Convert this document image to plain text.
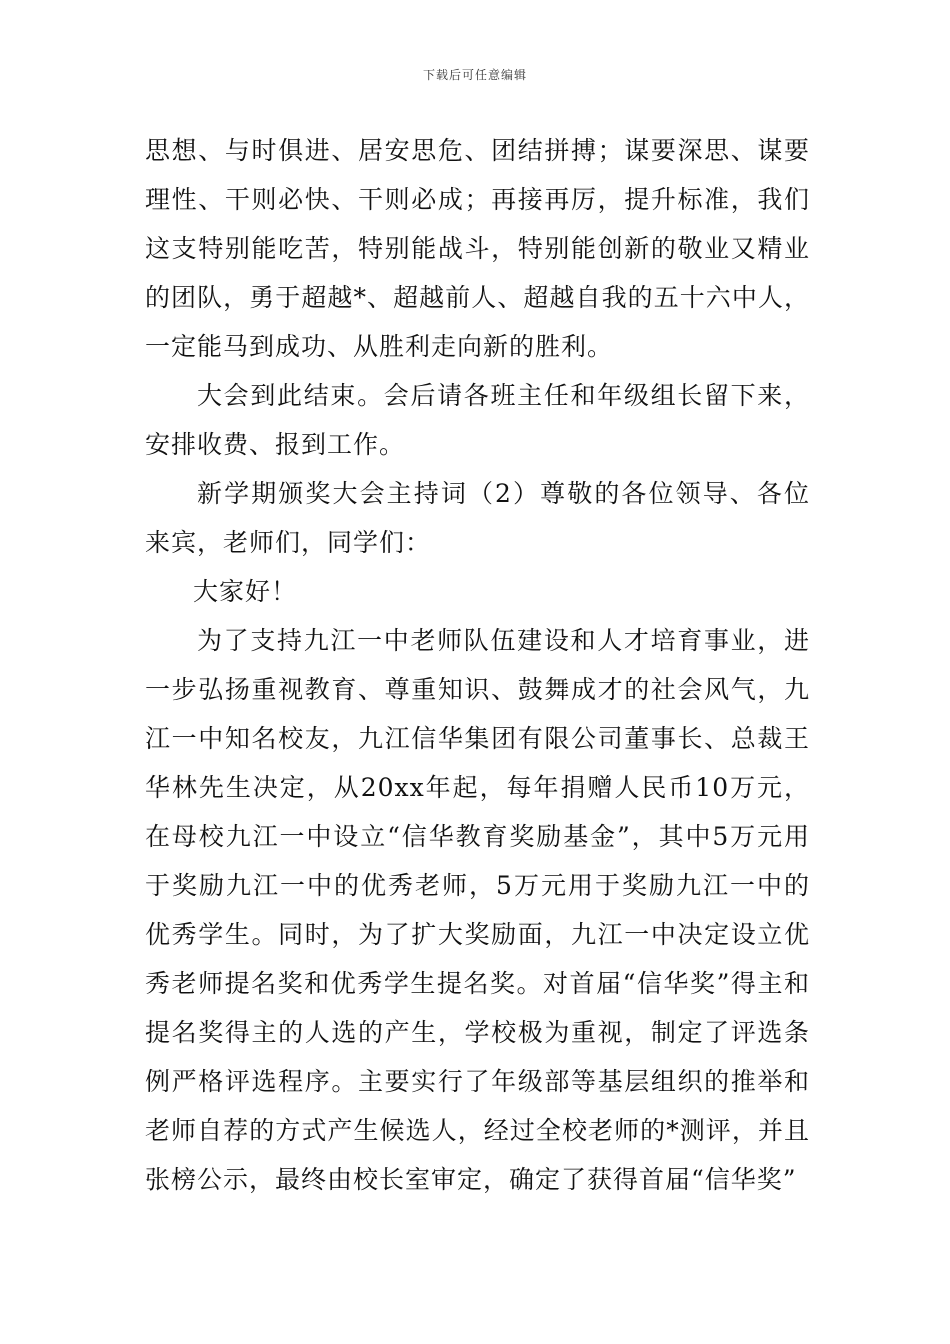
下载后可任意编辑

思想、与时俱进、居安思危、团结拼搏；谋要深思、谋要理性、干则必快、干则必成；再接再厉，提升标准，我们这支特别能吃苦，特别能战斗，特别能创新的敬业又精业的团队，勇于超越*、超越前人、超越自我的五十六中人，一定能马到成功、从胜利走向新的胜利。

大会到此结束。会后请各班主任和年级组长留下来，安排收费、报到工作。

新学期颁奖大会主持词（2）尊敬的各位领导、各位来宾，老师们，同学们：

大家好！

为了支持九江一中老师队伍建设和人才培育事业，进一步弘扬重视教育、尊重知识、鼓舞成才的社会风气，九江一中知名校友，九江信华集团有限公司董事长、总裁王华林先生决定，从20xx年起，每年捐赠人民币10万元，在母校九江一中设立“信华教育奖励基金”，其中5万元用于奖励九江一中的优秀老师，5万元用于奖励九江一中的优秀学生。同时，为了扩大奖励面，九江一中决定设立优秀老师提名奖和优秀学生提名奖。对首届“信华奖”得主和提名奖得主的人选的产生，学校极为重视，制定了评选条例严格评选程序。主要实行了年级部等基层组织的推举和老师自荐的方式产生候选人，经过全校老师的*测评，并且张榜公示，最终由校长室审定，确定了获得首届“信华奖”
